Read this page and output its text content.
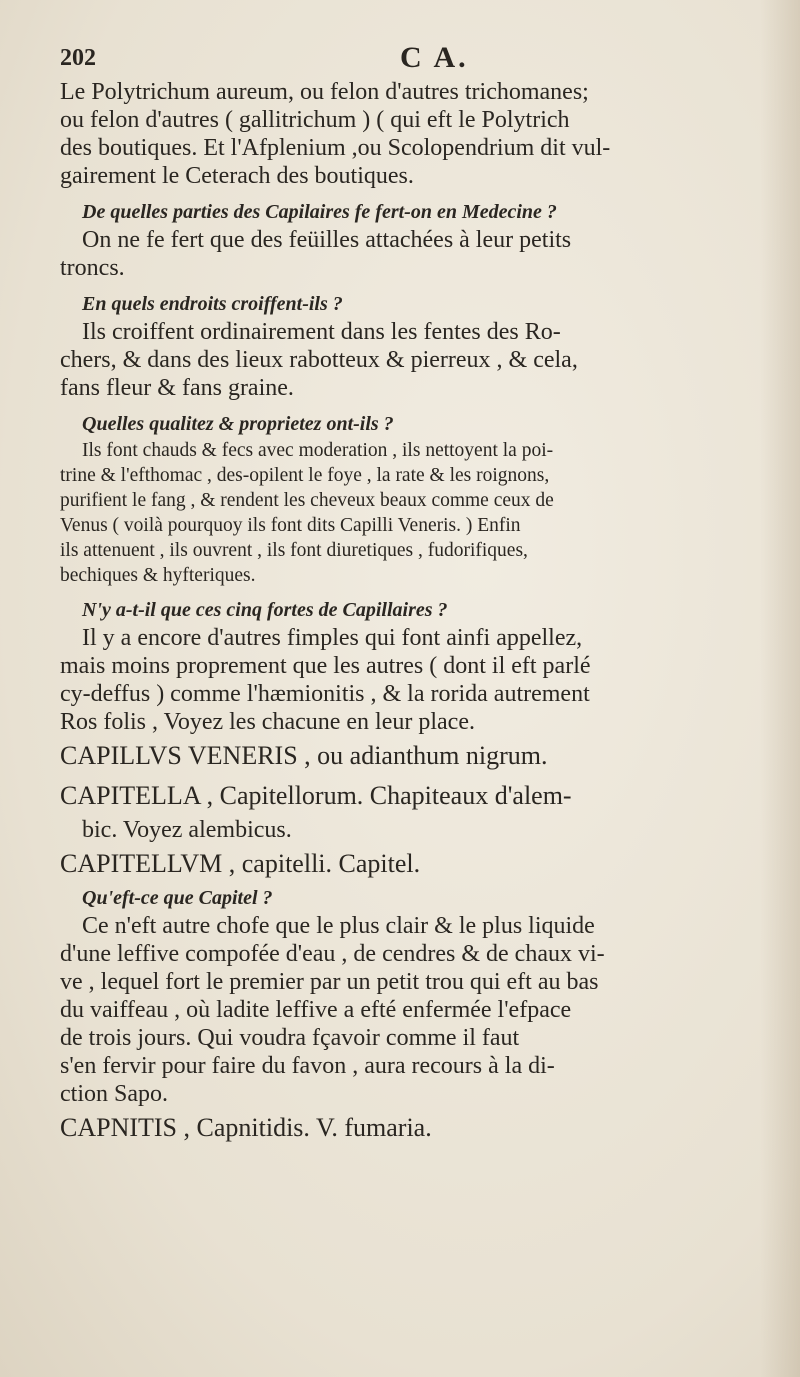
202	C A.
Le Polytrichum aureum, ou felon d'autres trichomanes;
ou felon d'autres ( gallitrichum ) ( qui eft le Polytrich
des boutiques. Et l'Afplenium ,ou Scolopendrium dit vul-
gairement le Ceterach des boutiques.
De quelles parties des Capilaires fe fert-on en Medecine ?
On ne fe fert que des feüilles attachées à leur petits
troncs.
En quels endroits croiffent-ils ?
Ils croiffent ordinairement dans les fentes des Ro-
chers, & dans des lieux rabotteux & pierreux , & cela,
fans fleur & fans graine.
Quelles qualitez & proprietez ont-ils ?
Ils font chauds & fecs avec moderation , ils nettoyent la poi-
trine & l'efthomac , des-opilent le foye , la rate & les roignons,
purifient le fang , & rendent les cheveux beaux comme ceux de
Venus ( voilà pourquoy ils font dits Capilli Veneris. ) Enfin
ils attenuent , ils ouvrent , ils font diuretiques , fudorifiques,
bechiques & hyfteriques.
N'y a-t-il que ces cinq fortes de Capillaires ?
Il y a encore d'autres fimples qui font ainfi appellez,
mais moins proprement que les autres ( dont il eft parlé
cy-deffus ) comme l'hæmionitis , & la rorida autrement
Ros folis , Voyez les chacune en leur place.
CAPILLVS VENERIS , ou adianthum nigrum.
CAPITELLA , Capitellorum. Chapiteaux d'alem-
bic. Voyez alembicus.
CAPITELLVM , capitelli. Capitel.
Qu'eft-ce que Capitel ?
Ce n'eft autre chofe que le plus clair & le plus liquide
d'une leffive compofée d'eau , de cendres & de chaux vi-
ve , lequel fort le premier par un petit trou qui eft au bas
du vaiffeau , où ladite leffive a efté enfermée l'efpace
de trois jours. Qui voudra fçavoir comme il faut
s'en fervir pour faire du favon , aura recours à la di-
ction Sapo.
CAPNITIS , Capnitidis. V. fumaria.
